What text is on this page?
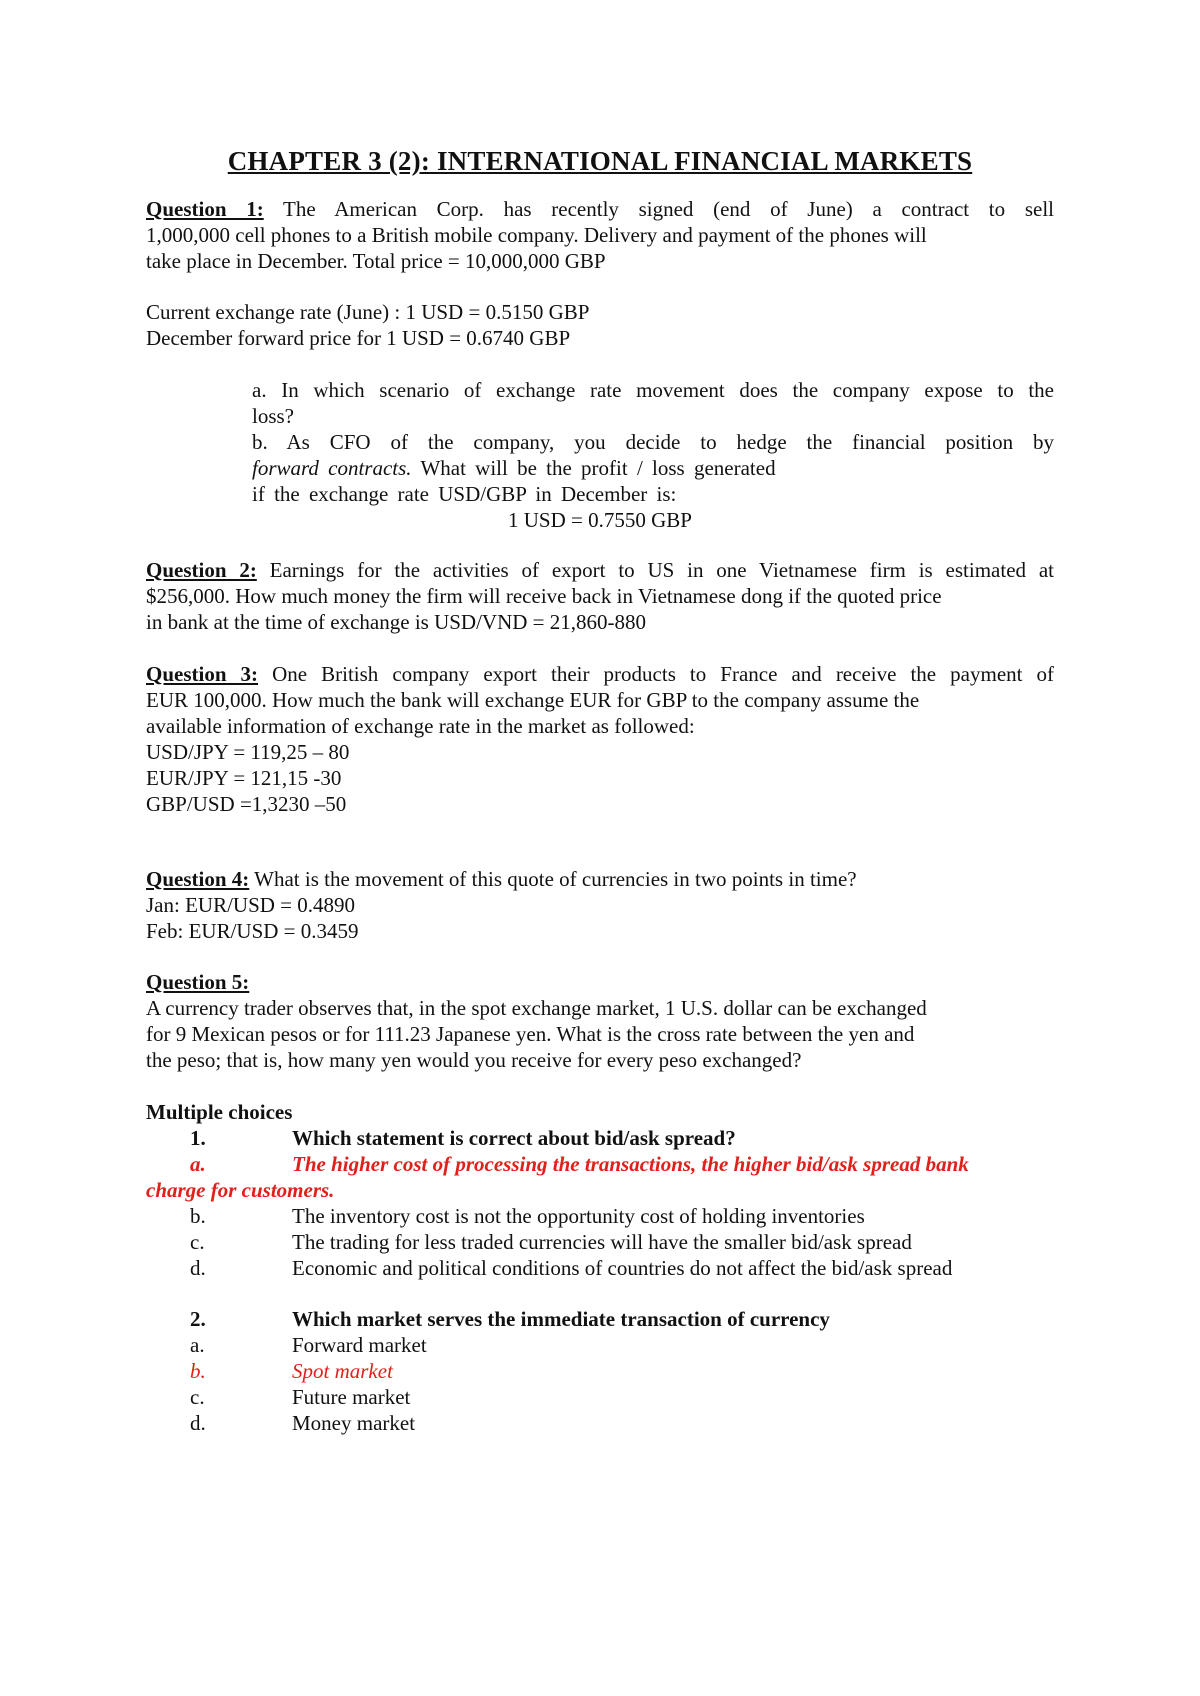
CHAPTER 3 (2): INTERNATIONAL FINANCIAL MARKETS
Question 1: The American Corp. has recently signed (end of June) a contract to sell
1,000,000 cell phones to a British mobile company. Delivery and payment of the phones will
take place in December. Total price = 10,000,000 GBP
Current exchange rate (June) : 1 USD = 0.5150 GBP
December forward price for 1 USD = 0.6740 GBP
a. In which scenario of exchange rate movement does the company expose to the
loss?
b. As CFO of the company, you decide to hedge the financial position by
forward contracts. What will be the profit / loss generated
if the exchange rate USD/GBP in December is:
1 USD = 0.7550 GBP
Question 2: Earnings for the activities of export to US in one Vietnamese firm is estimated at
$256,000. How much money the firm will receive back in Vietnamese dong if the quoted price
in bank at the time of exchange is USD/VND = 21,860-880
Question 3: One British company export their products to France and receive the payment of
EUR 100,000. How much the bank will exchange EUR for GBP to the company assume the
available information of exchange rate in the market as followed:
USD/JPY = 119,25 – 80
EUR/JPY = 121,15 -30
GBP/USD =1,3230 –50
Question 4: What is the movement of this quote of currencies in two points in time?
Jan: EUR/USD = 0.4890
Feb: EUR/USD = 0.3459
Question 5:
A currency trader observes that, in the spot exchange market, 1 U.S. dollar can be exchanged
for 9 Mexican pesos or for 111.23 Japanese yen. What is the cross rate between the yen and
the peso; that is, how many yen would you receive for every peso exchanged?
Multiple choices
1.	Which statement is correct about bid/ask spread?
a.	The higher cost of processing the transactions, the higher bid/ask spread bank
charge for customers.
b.	The inventory cost is not the opportunity cost of holding inventories
c.	The trading for less traded currencies will have the smaller bid/ask spread
d.	Economic and political conditions of countries do not affect the bid/ask spread
2.	Which market serves the immediate transaction of currency
a.	Forward market
b.	Spot market
c.	Future market
d.	Money market
